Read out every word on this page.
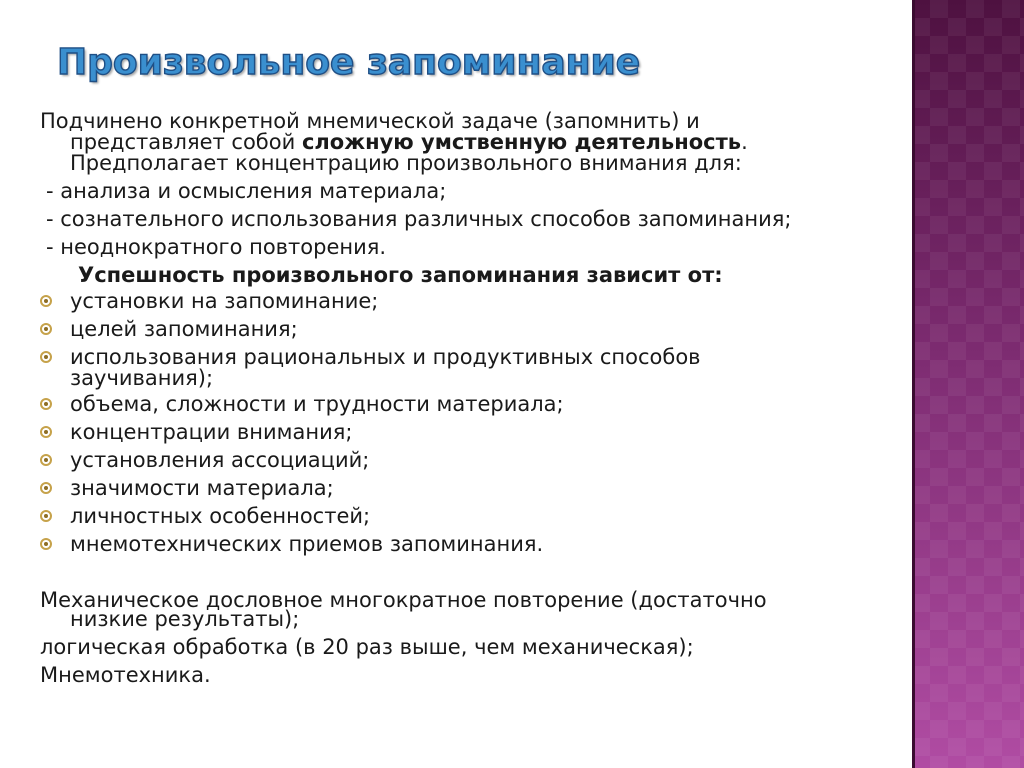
Произвольное запоминание

Подчинено конкретной мнемической задаче (запомнить) и

представляет собой сложную умственную деятельность.

Предполагает концентрацию произвольного внимания для:

- анализа и осмысления материала;

- сознательного использования различных способов запоминания;

- неоднократного повторения.

Успешность произвольного запоминания зависит от:

установки на запоминание;

целей запоминания;

использования рациональных и продуктивных способов

заучивания);

объема, сложности и трудности материала;

концентрации внимания;

установления ассоциаций;

значимости материала;

личностных особенностей;

мнемотехнических приемов запоминания.

Механическое дословное многократное повторение (достаточно

низкие результаты);

логическая обработка (в 20 раз выше, чем механическая);

Мнемотехника.
